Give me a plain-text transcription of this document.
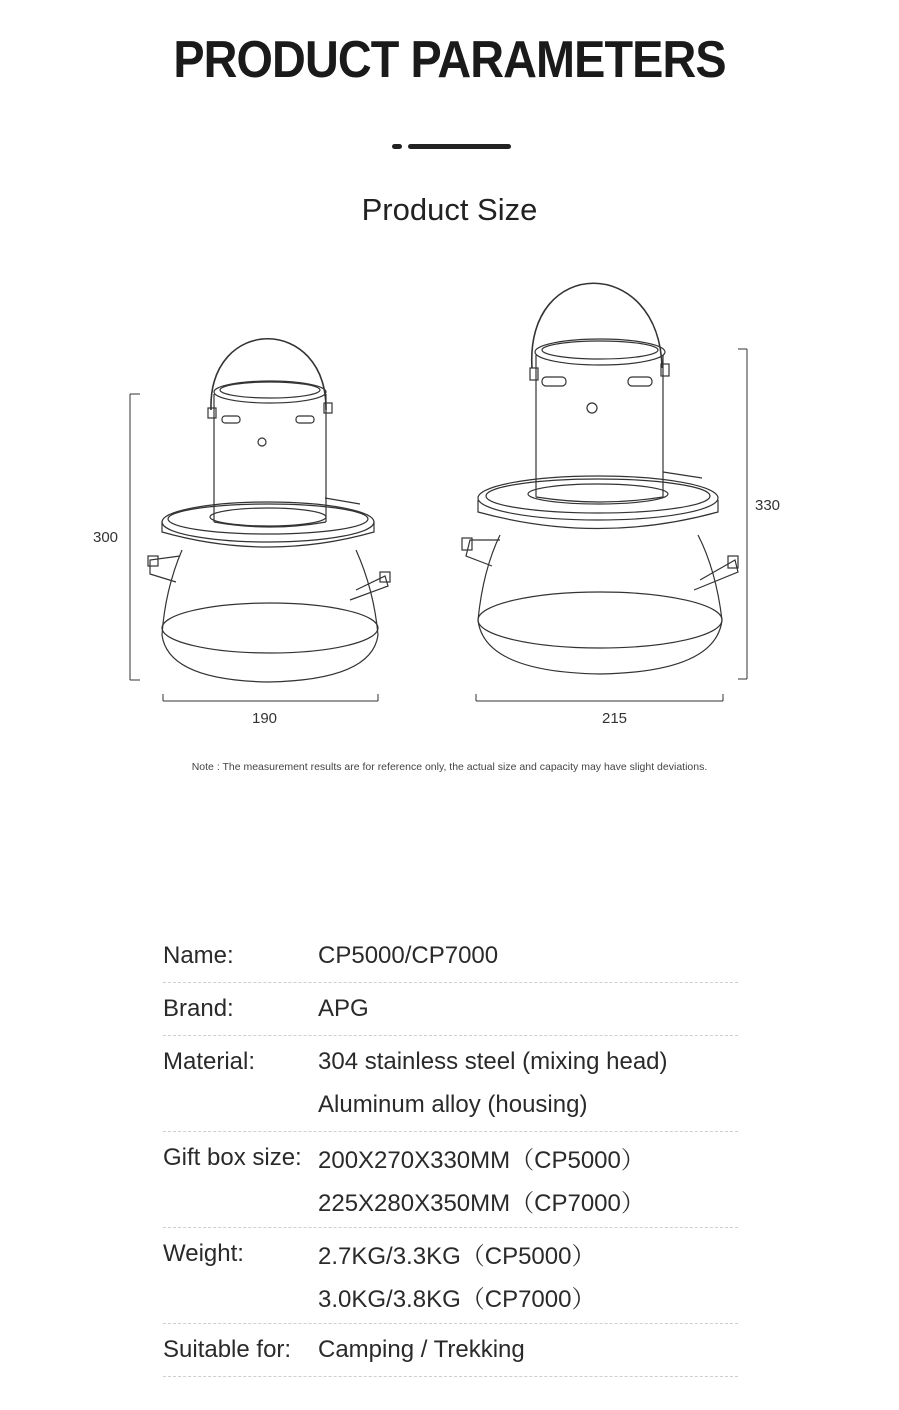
PRODUCT PARAMETERS
Product Size
300
190
330
215
Note : The measurement results are for reference only, the actual size and capacity may have slight deviations.
Name:	CP5000/CP7000
Brand:	APG
Material:	304 stainless steel (mixing head)
Aluminum alloy (housing)
Gift box size: 200X270X330MM（CP5000）
225X280X350MM（CP7000）
Weight:	2.7KG/3.3KG（CP5000）
3.0KG/3.8KG（CP7000）
Suitable for:	Camping / Trekking
